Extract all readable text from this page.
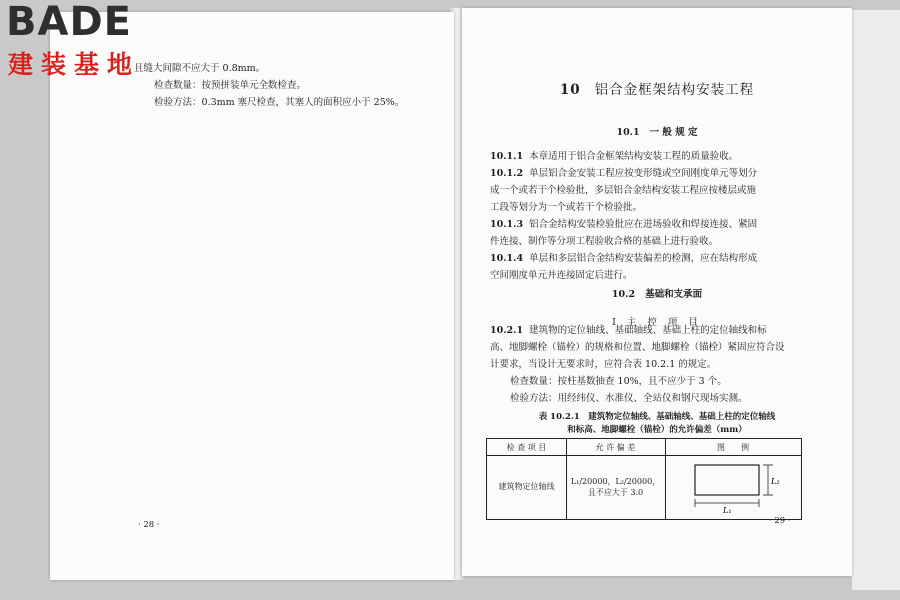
且缝大间隙不应大于 0.8mm。
检查数量：按预拼装单元全数检查。
检验方法：0.3mm 塞尺检查，其塞人的面积应小于 25%。
· 28 ·
10 铝合金框架结构安装工程
10.1 一 般 规 定
10.1.1 本章适用于铝合金框架结构安装工程的质量验收。
10.1.2 单层铝合金安装工程应按变形缝或空间刚度单元等划分
成一个或若干个检验批，多层铝合金结构安装工程应按楼层或施
工段等划分为一个或若干个检验批。
10.1.3 铝合金结构安装检验批应在进场验收和焊接连接、紧固
件连接、制作等分项工程验收合格的基础上进行验收。
10.1.4 单层和多层铝合金结构安装偏差的检测，应在结构形成
空间刚度单元并连接固定后进行。
10.2 基础和支承面
Ⅰ 主 控 项 目
10.2.1 建筑物的定位轴线、基础轴线、基础上柱的定位轴线和标
高、地脚螺栓（锚栓）的规格和位置、地脚螺栓（锚栓）紧固应符合设
计要求，当设计无要求时，应符合表 10.2.1 的规定。
检查数量：按柱基数抽查 10%，且不应少于 3 个。
检验方法：用经纬仪、水准仪、全站仪和钢尺现场实测。
表 10.2.1　建筑物定位轴线、基础轴线、基础上柱的定位轴线
和标高、地脚螺栓（锚栓）的允许偏差（mm）
检 查 项 目	允 许 偏 差	图　　例
建筑物定位轴线
L₁/20000，L₂/20000，
且不应大于 3.0
L₂
L₁
· 29 ·
BADE
建装基地
